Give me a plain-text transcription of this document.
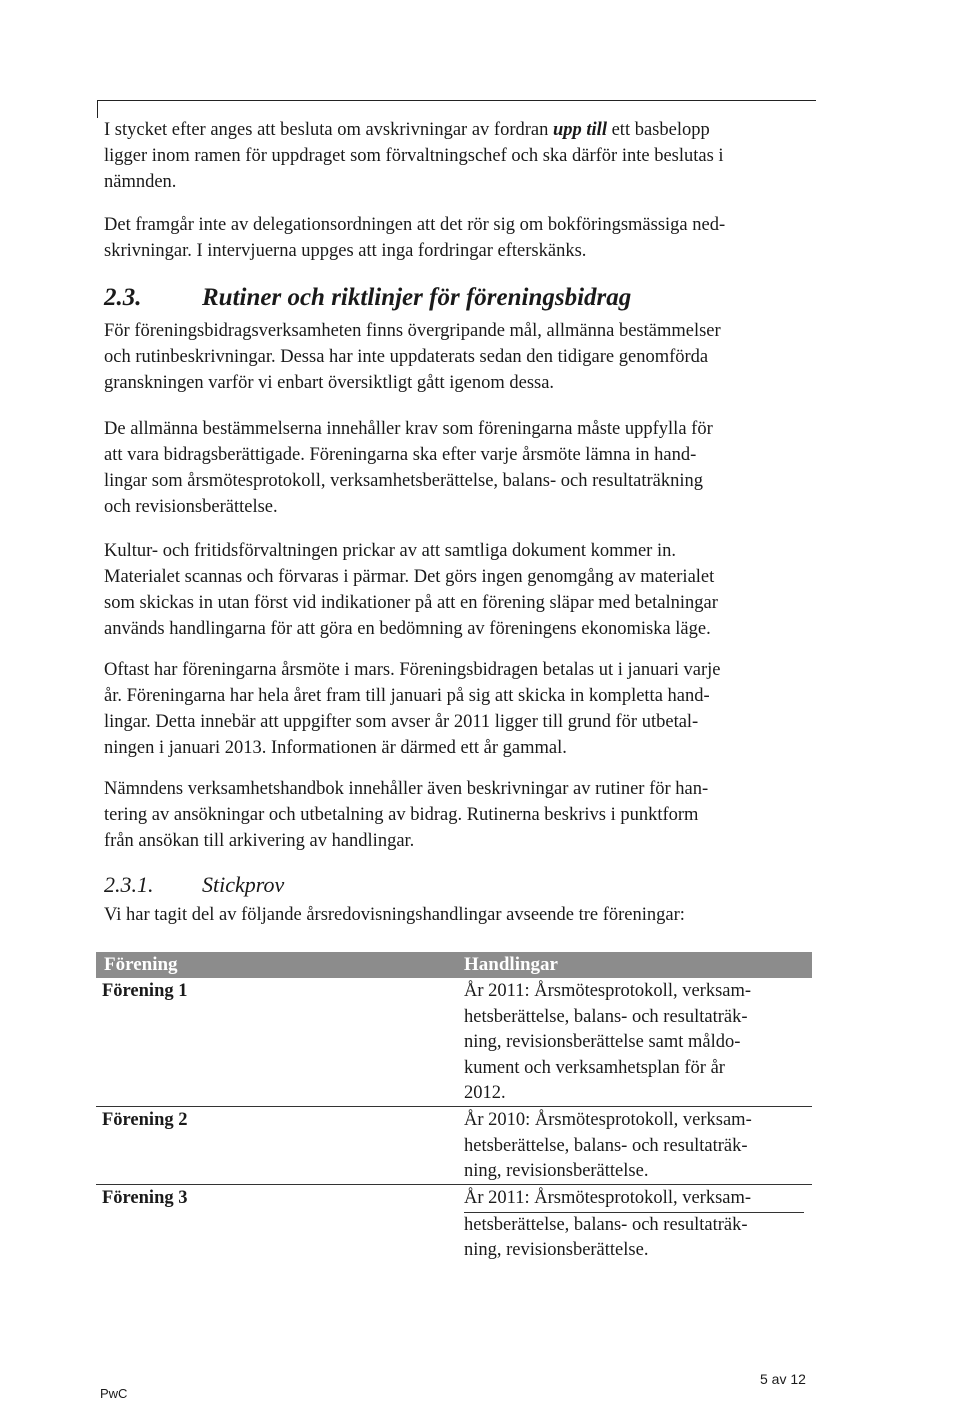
I stycket efter anges att besluta om avskrivningar av fordran upp till ett basbelopp
ligger inom ramen för uppdraget som förvaltningschef och ska därför inte beslutas i
nämnden.
Det framgår inte av delegationsordningen att det rör sig om bokföringsmässiga ned-
skrivningar. I intervjuerna uppges att inga fordringar efterskänks.
2.3. Rutiner och riktlinjer för föreningsbidrag
För föreningsbidragsverksamheten finns övergripande mål, allmänna bestämmelser
och rutinbeskrivningar. Dessa har inte uppdaterats sedan den tidigare genomförda
granskningen varför vi enbart översiktligt gått igenom dessa.
De allmänna bestämmelserna innehåller krav som föreningarna måste uppfylla för
att vara bidragsberättigade. Föreningarna ska efter varje årsmöte lämna in hand-
lingar som årsmötesprotokoll, verksamhetsberättelse, balans- och resultaträkning
och revisionsberättelse.
Kultur- och fritidsförvaltningen prickar av att samtliga dokument kommer in.
Materialet scannas och förvaras i pärmar. Det görs ingen genomgång av materialet
som skickas in utan först vid indikationer på att en förening släpar med betalningar
används handlingarna för att göra en bedömning av föreningens ekonomiska läge.
Oftast har föreningarna årsmöte i mars. Föreningsbidragen betalas ut i januari varje
år. Föreningarna har hela året fram till januari på sig att skicka in kompletta hand-
lingar. Detta innebär att uppgifter som avser år 2011 ligger till grund för utbetal-
ningen i januari 2013. Informationen är därmed ett år gammal.
Nämndens verksamhetshandbok innehåller även beskrivningar av rutiner för han-
tering av ansökningar och utbetalning av bidrag. Rutinerna beskrivs i punktform
från ansökan till arkivering av handlingar.
2.3.1. Stickprov
Vi har tagit del av följande årsredovisningshandlingar avseende tre föreningar:
Förening	Handlingar
Förening 1	År 2011: Årsmötesprotokoll, verksam-
hetsberättelse, balans- och resultaträk-
ning, revisionsberättelse samt måldo-
kument och verksamhetsplan för år
2012.
Förening 2	År 2010: Årsmötesprotokoll, verksam-
hetsberättelse, balans- och resultaträk-
ning, revisionsberättelse.
Förening 3	År 2011: Årsmötesprotokoll, verksam-
hetsberättelse, balans- och resultaträk-
ning, revisionsberättelse.
PwC
5 av 12
